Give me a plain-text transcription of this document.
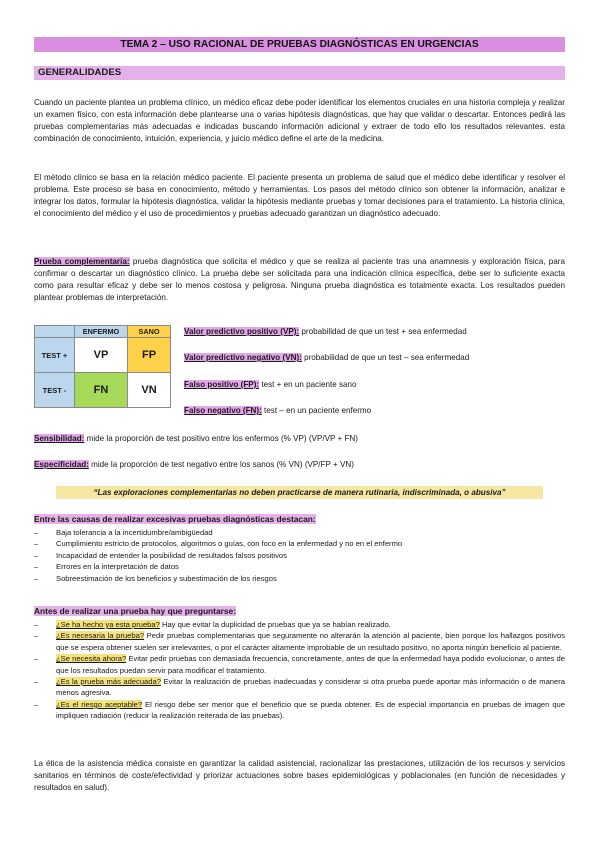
TEMA 2 – USO RACIONAL DE PRUEBAS DIAGNÓSTICAS EN URGENCIAS
GENERALIDADES

Cuando un paciente plantea un problema clínico, un médico eficaz debe poder identificar los elementos cruciales en una historia compleja y realizar un examen físico, con esta información debe plantearse una o varias hipótesis diagnósticas, que hay que validar o descartar. Entonces pedirá las pruebas complementarias más adecuadas e indicadas buscando información adicional y extraer de todo ello los resultados relevantes. esta combinación de conocimiento, intuición, experiencia, y juicio médico define el arte de la medicina.

El método clínico se basa en la relación médico paciente. El paciente presenta un problema de salud que el médico debe identificar y resolver el problema. Este proceso se basa en conocimiento, método y herramientas. Los pasos del método clínico son obtener la información, analizar e integrar los datos, formular la hipótesis diagnóstica, validar la hipótesis mediante pruebas y tomar decisiones para el tratamiento. La historia clínica, el conocimiento del médico y el uso de procedimientos y pruebas adecuado garantizan un diagnóstico adecuado.

Prueba complementaria: prueba diagnóstica que solicita el médico y que se realiza al paciente tras una anamnesis y exploración física, para confirmar o descartar un diagnóstico clínico. La prueba debe ser solicitada para una indicación clínica específica, debe ser lo suficiente exacta como para resultar eficaz y debe ser lo menos costosa y peligrosa. Ninguna prueba diagnóstica es totalmente exacta. Los resultados pueden plantear problemas de interpretación.

	ENFERMO	SANO
TEST +	VP	FP
TEST -	FN	VN
Valor predictivo positivo (VP): probabilidad de que un test + sea enfermedad
Valor predictivo negativo (VN): probabilidad de que un test – sea enfermedad
Falso positivo (FP): test + en un paciente sano
Falso negativo (FN): test – en un paciente enfermo

Sensibilidad: mide la proporción de test positivo entre los enfermos (% VP) (VP/VP + FN)

Especificidad: mide la proporción de test negativo entre los sanos (% VN) (VP/FP + VN)

“Las exploraciones complementarias no deben practicarse de manera rutinaria, indiscriminada, o abusiva”
Entre las causas de realizar excesivas pruebas diagnósticas destacan:
– Baja tolerancia a la incertidumbre/ambigüedad
– Cumplimiento estricto de protocolos, algoritmos o guías, con foco en la enfermedad y no en el enfermo
– Incapacidad de entender la posibilidad de resultados falsos positivos
– Errores en la interpretación de datos
– Sobreestimación de los beneficios y subestimación de los riesgos
Antes de realizar una prueba hay que preguntarse:
– ¿Se ha hecho ya esta prueba? Hay que evitar la duplicidad de pruebas que ya se habían realizado.
– ¿Es necesaria la prueba? Pedir pruebas complementarias que seguramente no alterarán la atención al paciente, bien porque los hallazgos positivos que se espera obtener suelen ser irrelevantes, o por el carácter altamente improbable de un resultado positivo, no aporta ningún beneficio al paciente.
– ¿Se necesita ahora? Evitar pedir pruebas con demasiada frecuencia, concretamente, antes de que la enfermedad haya podido evolucionar, o antes de que los resultados puedan servir para modificar el tratamiento.
– ¿Es la prueba más adecuada? Evitar la realización de pruebas inadecuadas y considerar si otra prueba puede aportar más información o de manera menos agresiva.
– ¿Es el riesgo aceptable? El riesgo debe ser menor que el beneficio que se pueda obtener. Es de especial importancia en pruebas de imagen que impliquen radiación (reducir la realización reiterada de las pruebas).

La ética de la asistencia médica consiste en garantizar la calidad asistencial, racionalizar las prestaciones, utilización de los recursos y servicios sanitarios en términos de coste/efectividad y priorizar actuaciones sobre bases epidemiológicas y poblacionales (en función de necesidades y resultados en salud).
